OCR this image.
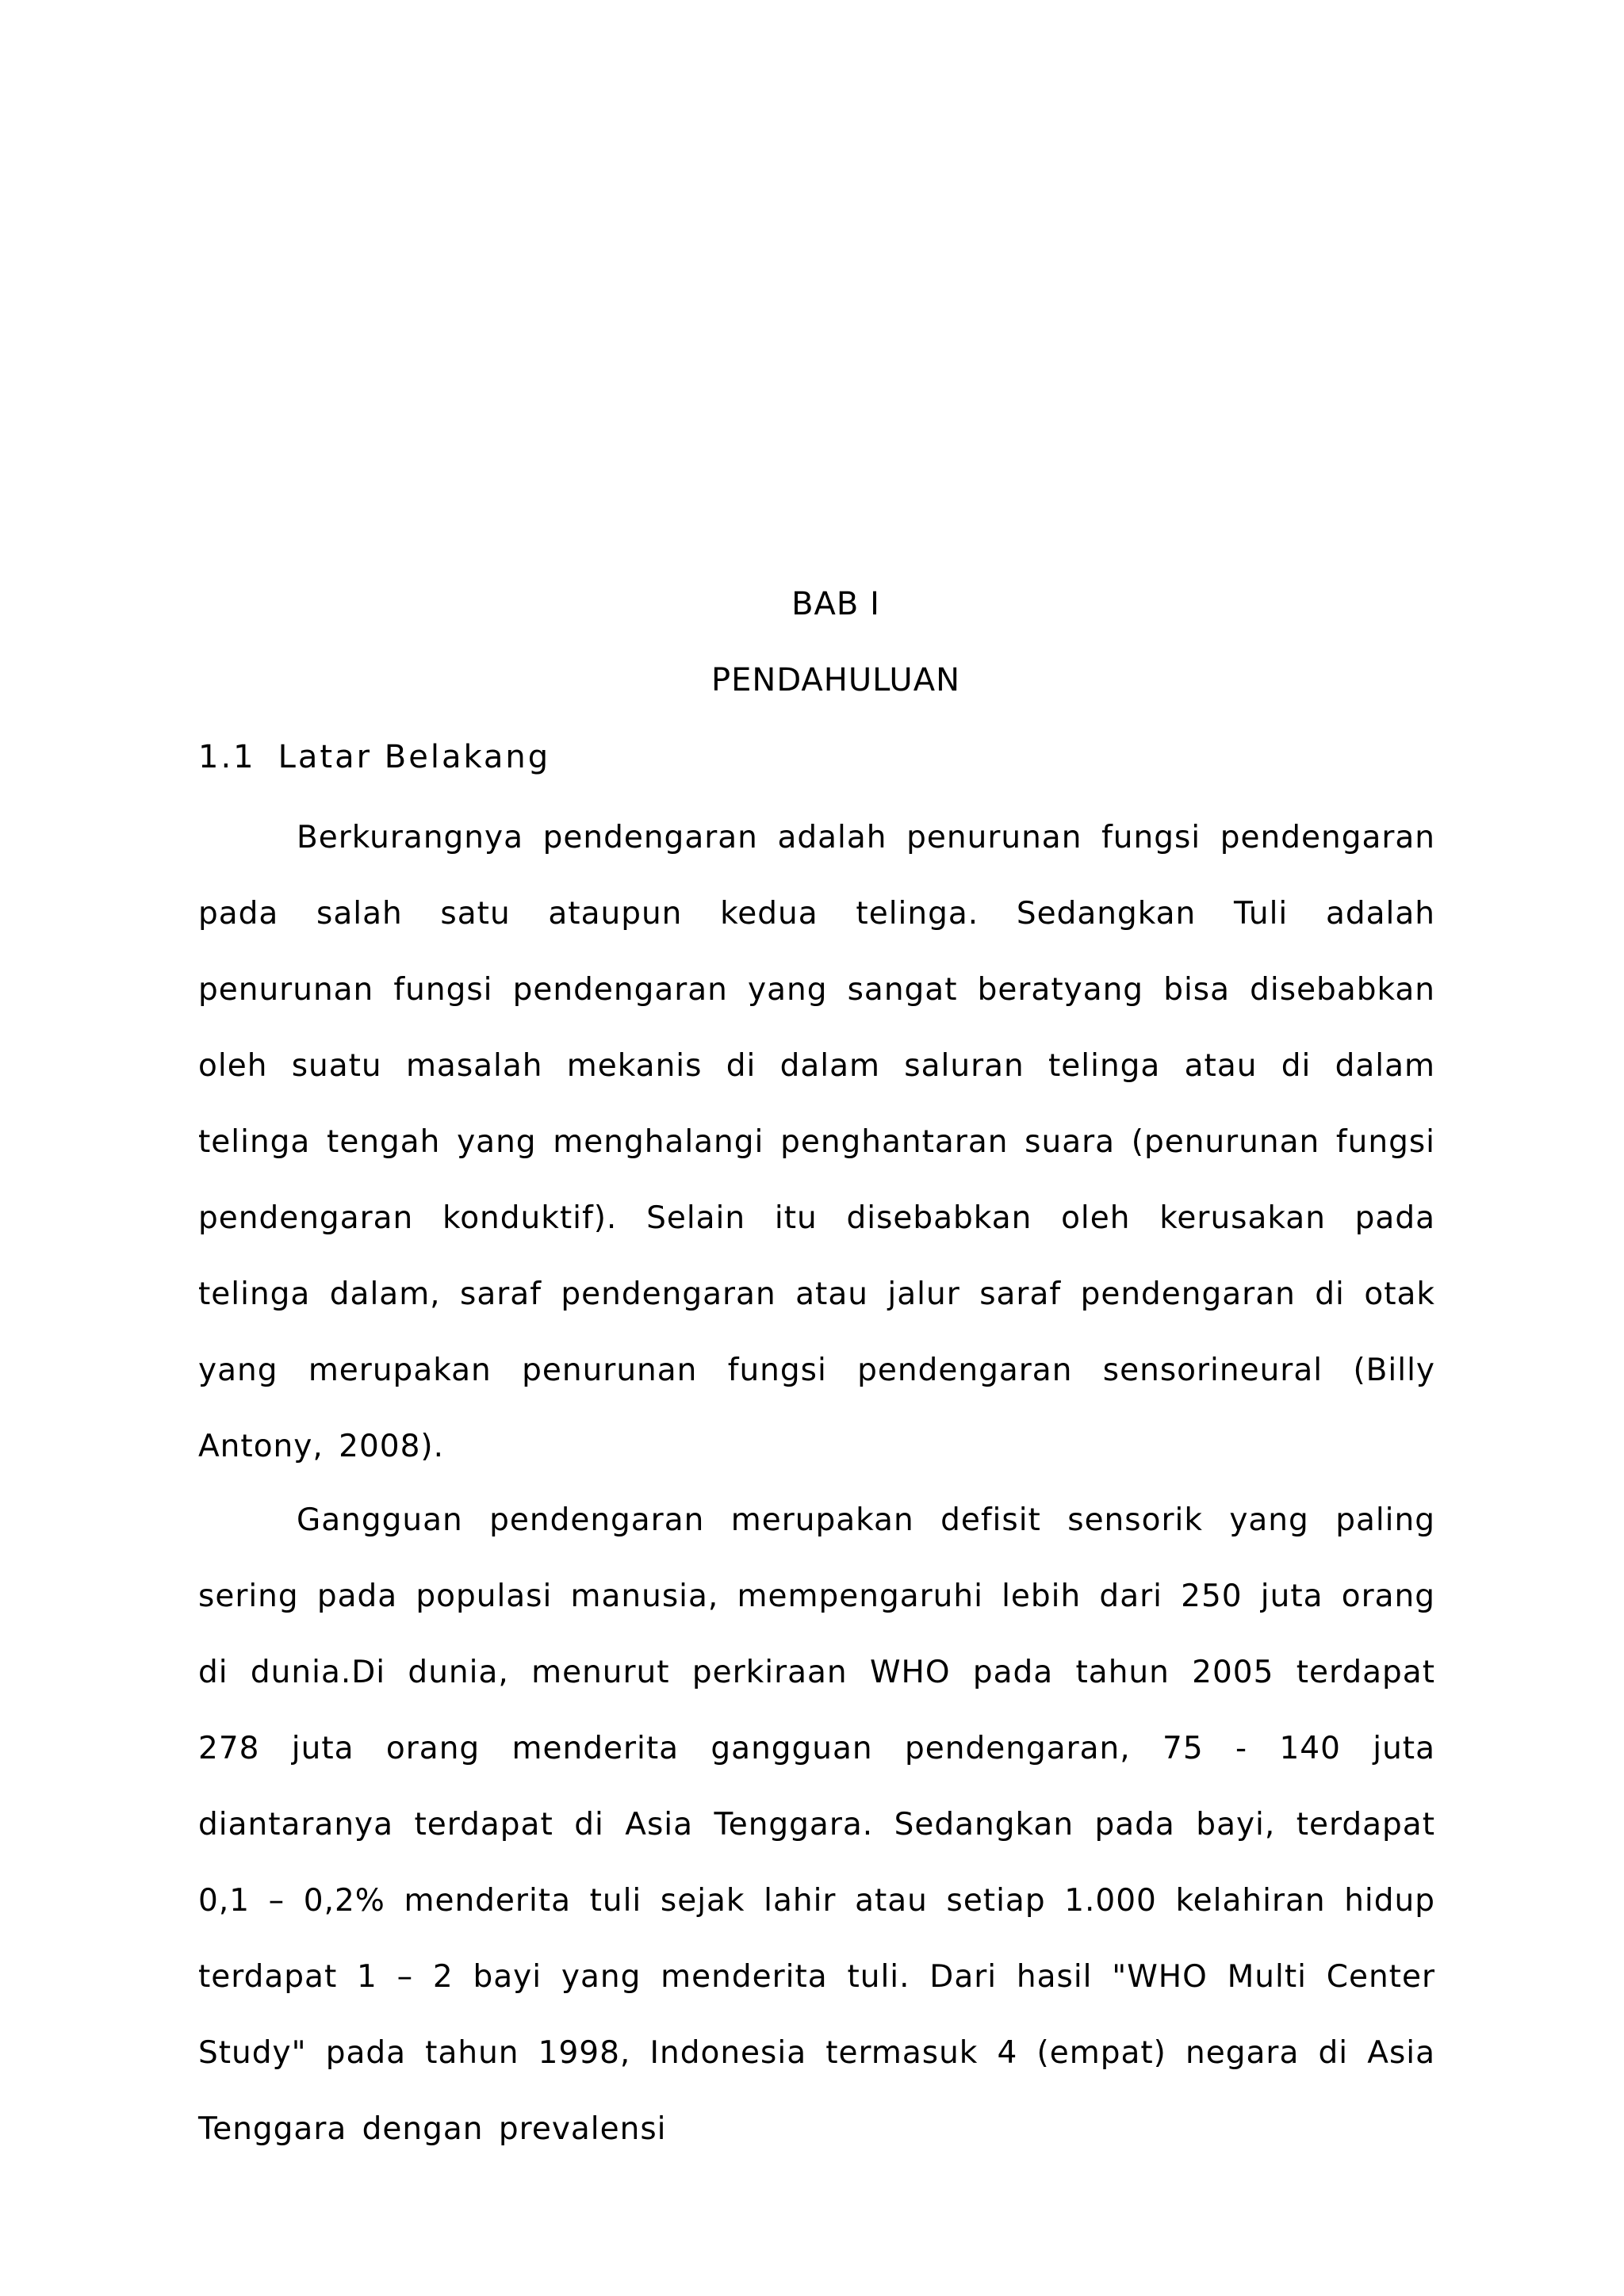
BAB I
PENDAHULUAN
1.1 Latar Belakang

Berkurangnya pendengaran adalah penurunan fungsi pendengaran pada salah satu ataupun kedua telinga. Sedangkan Tuli adalah penurunan fungsi pendengaran yang sangat beratyang bisa disebabkan oleh suatu masalah mekanis di dalam saluran telinga atau di dalam telinga tengah yang menghalangi penghantaran suara (penurunan fungsi pendengaran konduktif). Selain itu disebabkan oleh kerusakan pada telinga dalam, saraf pendengaran atau jalur saraf pendengaran di otak yang merupakan penurunan fungsi pendengaran sensorineural (Billy Antony, 2008).

Gangguan pendengaran merupakan defisit sensorik yang paling sering pada populasi manusia, mempengaruhi lebih dari 250 juta orang di dunia.Di dunia, menurut perkiraan WHO pada tahun 2005 terdapat 278 juta orang menderita gangguan pendengaran, 75 - 140 juta diantaranya terdapat di Asia Tenggara. Sedangkan pada bayi, terdapat 0,1 – 0,2% menderita tuli sejak lahir atau setiap 1.000 kelahiran hidup terdapat 1 – 2 bayi yang menderita tuli. Dari hasil "WHO Multi Center Study" pada tahun 1998, Indonesia termasuk 4 (empat) negara di Asia Tenggara dengan prevalensi
